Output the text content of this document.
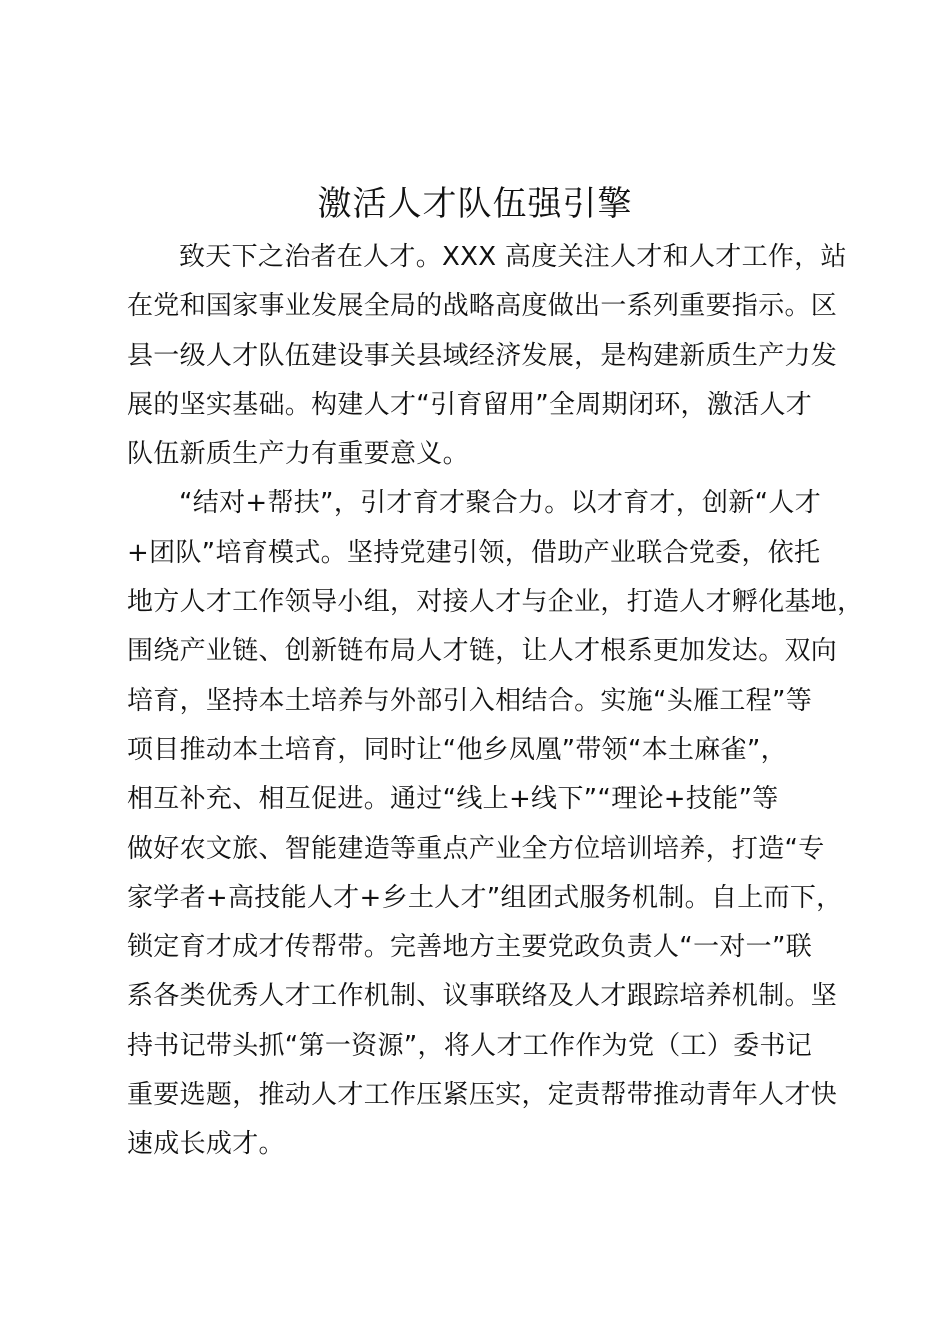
激活人才队伍强引擎
致天下之治者在人才。XXX 高度关注人才和人才工作，站
在党和国家事业发展全局的战略高度做出一系列重要指示。区
县一级人才队伍建设事关县域经济发展，是构建新质生产力发
展的坚实基础。构建人才“引育留用”全周期闭环，激活人才
队伍新质生产力有重要意义。
“结对+帮扶”，引才育才聚合力。以才育才，创新“人才
+团队”培育模式。坚持党建引领，借助产业联合党委，依托
地方人才工作领导小组，对接人才与企业，打造人才孵化基地，
围绕产业链、创新链布局人才链，让人才根系更加发达。双向
培育，坚持本土培养与外部引入相结合。实施“头雁工程”等
项目推动本土培育，同时让“他乡凤凰”带领“本土麻雀”，
相互补充、相互促进。通过“线上+线下”“理论+技能”等
做好农文旅、智能建造等重点产业全方位培训培养，打造“专
家学者+高技能人才+乡土人才”组团式服务机制。自上而下，
锁定育才成才传帮带。完善地方主要党政负责人“一对一”联
系各类优秀人才工作机制、议事联络及人才跟踪培养机制。坚
持书记带头抓“第一资源”，将人才工作作为党（工）委书记
重要选题，推动人才工作压紧压实，定责帮带推动青年人才快
速成长成才。
